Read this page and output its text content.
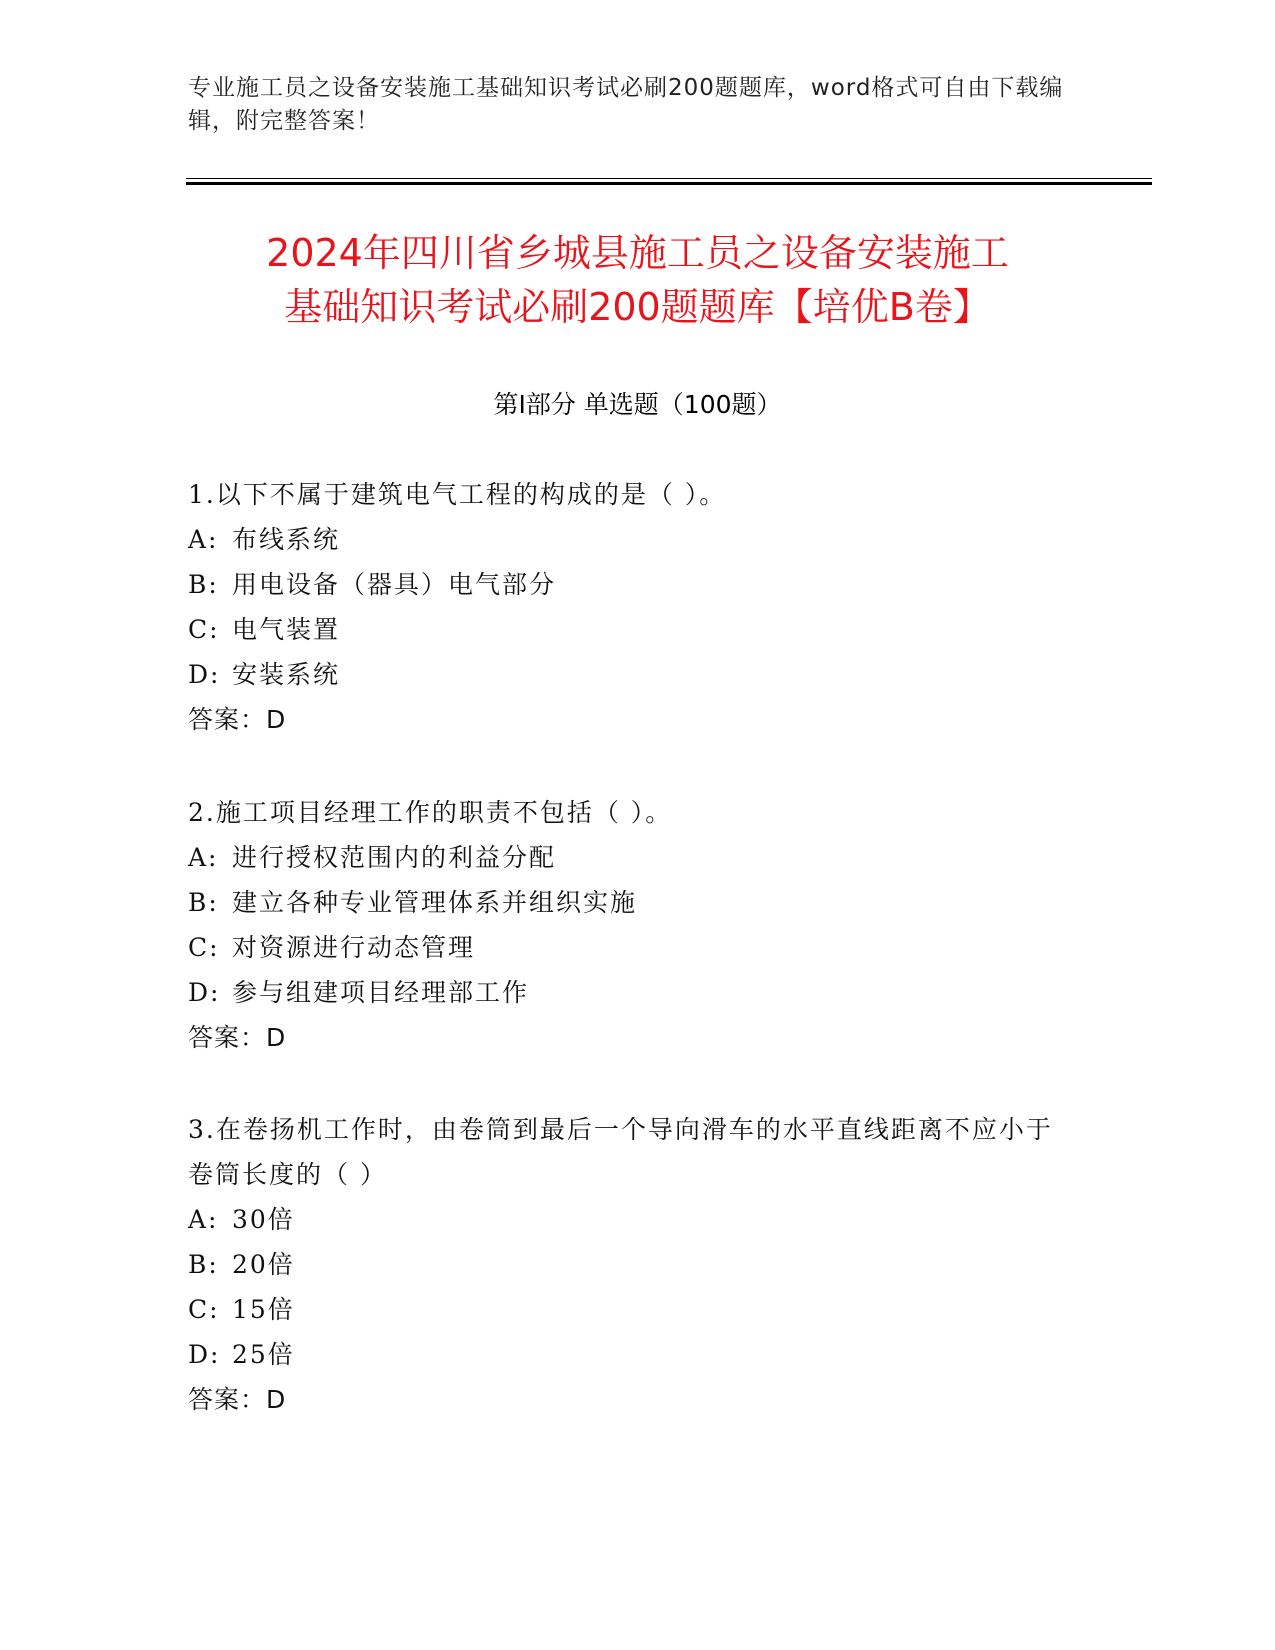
专业施工员之设备安装施工基础知识考试必刷200题题库，word格式可自由下载编辑，附完整答案！
2024年四川省乡城县施工员之设备安装施工
基础知识考试必刷200题题库【培优B卷】
第Ⅰ部分 单选题（100题）
1.以下不属于建筑电气工程的构成的是（ ）。
A: 布线系统
B: 用电设备（器具）电气部分
C: 电气装置
D: 安装系统
答案：D
2.施工项目经理工作的职责不包括（ ）。
A: 进行授权范围内的利益分配
B: 建立各种专业管理体系并组织实施
C: 对资源进行动态管理
D: 参与组建项目经理部工作
答案：D
3.在卷扬机工作时，由卷筒到最后一个导向滑车的水平直线距离不应小于卷筒长度的（ ）
A: 30倍
B: 20倍
C: 15倍
D: 25倍
答案：D
